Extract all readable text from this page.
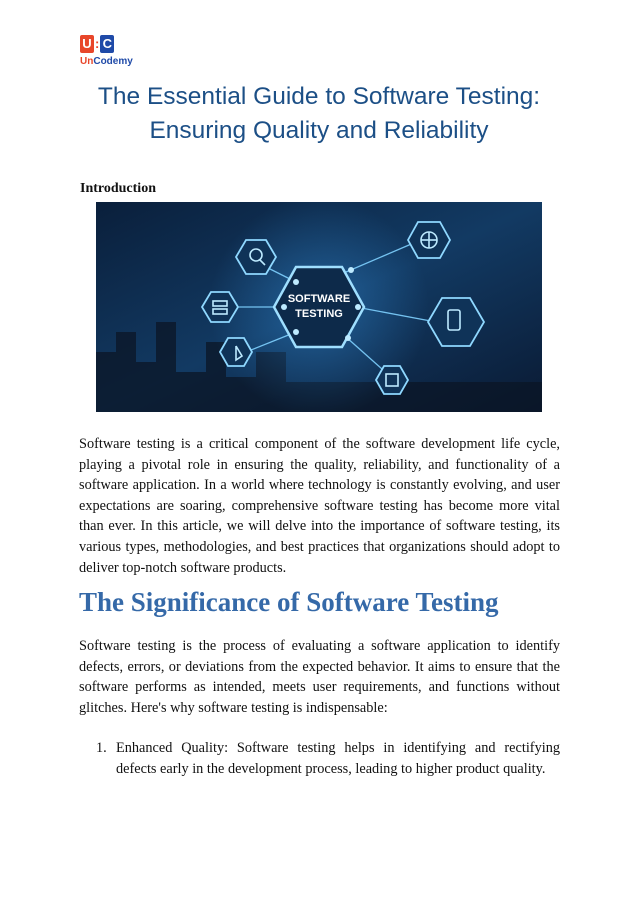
U : C
UnCodemy
The Essential Guide to Software Testing:
Ensuring Quality and Reliability

Introduction

SOFTWARE
TESTING

Software testing is a critical component of the software development life cycle, playing a pivotal role in ensuring the quality, reliability, and functionality of a software application. In a world where technology is constantly evolving, and user expectations are soaring, comprehensive software testing has become more vital than ever. In this article, we will delve into the importance of software testing, its various types, methodologies, and best practices that organizations should adopt to deliver top-notch software products.

The Significance of Software Testing

Software testing is the process of evaluating a software application to identify defects, errors, or deviations from the expected behavior. It aims to ensure that the software performs as intended, meets user requirements, and functions without glitches. Here's why software testing is indispensable:

1. Enhanced Quality: Software testing helps in identifying and rectifying defects early in the development process, leading to higher product quality.
